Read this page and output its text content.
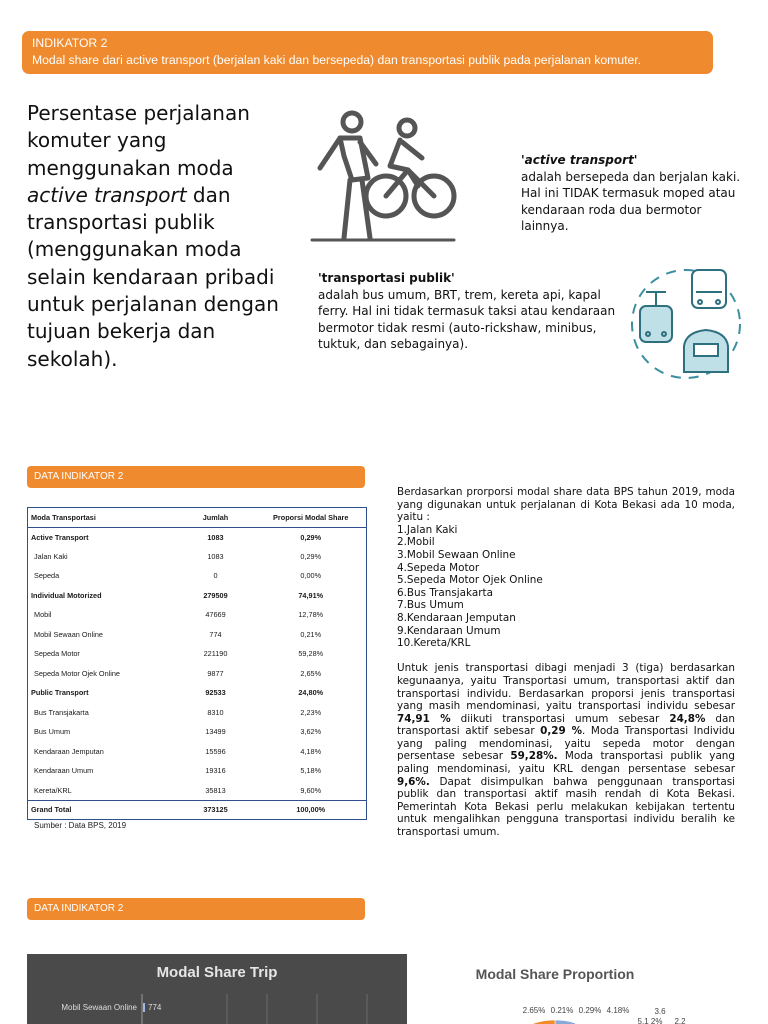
INDIKATOR 2
Modal share dari active transport (berjalan kaki dan bersepeda) dan transportasi publik pada perjalanan komuter.
Persentase perjalanan komuter yang menggunakan moda active transport dan transportasi publik (menggunakan moda selain kendaraan pribadi untuk perjalanan dengan tujuan bekerja dan sekolah).
'active transport'
adalah bersepeda dan berjalan kaki. Hal ini TIDAK termasuk moped atau kendaraan roda dua bermotor lainnya.
'transportasi publik'
adalah bus umum, BRT, trem, kereta api, kapal ferry. Hal ini tidak termasuk taksi atau kendaraan bermotor tidak resmi (auto-rickshaw, minibus, tuktuk, dan sebagainya).
DATA INDIKATOR 2
Moda Transportasi	Jumlah	Proporsi Modal Share
Active Transport	1083	0,29%
Jalan Kaki	1083	0,29%
Sepeda	0	0,00%
Individual Motorized	279509	74,91%
Mobil	47669	12,78%
Mobil Sewaan Online	774	0,21%
Sepeda Motor	221190	59,28%
Sepeda Motor Ojek Online	9877	2,65%
Public Transport	92533	24,80%
Bus Transjakarta	8310	2,23%
Bus Umum	13499	3,62%
Kendaraan Jemputan	15596	4,18%
Kendaraan Umum	19316	5,18%
Kereta/KRL	35813	9,60%
Grand Total	373125	100,00%
Sumber : Data BPS, 2019

Berdasarkan prorporsi modal share data BPS tahun 2019, moda yang digunakan untuk perjalanan di Kota Bekasi ada 10 moda, yaitu :

1.Jalan Kaki
2.Mobil
3.Mobil Sewaan Online
4.Sepeda Motor
5.Sepeda Motor Ojek Online
6.Bus Transjakarta
7.Bus Umum
8.Kendaraan Jemputan
9.Kendaraan Umum
10.Kereta/KRL

Untuk jenis transportasi dibagi menjadi 3 (tiga) berdasarkan kegunaanya, yaitu Transportasi umum, transportasi aktif dan transportasi individu. Berdasarkan proporsi jenis transportasi yang masih mendominasi, yaitu transportasi individu sebesar 74,91 % diikuti transportasi umum sebesar 24,8% dan transportasi aktif sebesar 0,29 %. Moda Transportasi Individu yang paling mendominasi, yaitu sepeda motor dengan persentase sebesar 59,28%. Moda transportasi publik yang paling mendominasi, yaitu KRL dengan persentase sebesar 9,6%. Dapat disimpulkan bahwa penggunaan transportasi publik dan transportasi aktif masih rendah di Kota Bekasi. Pemerintah Kota Bekasi perlu melakukan kebijakan tertentu untuk mengalihkan pengguna transportasi individu beralih ke transportasi umum.

DATA INDIKATOR 2
Modal Share Trip
Mobil Sewaan Online 774
Modal Share Proportion
2.65% 0.21% 0.29% 4.18%	3.6
5.1 2% 2.2
